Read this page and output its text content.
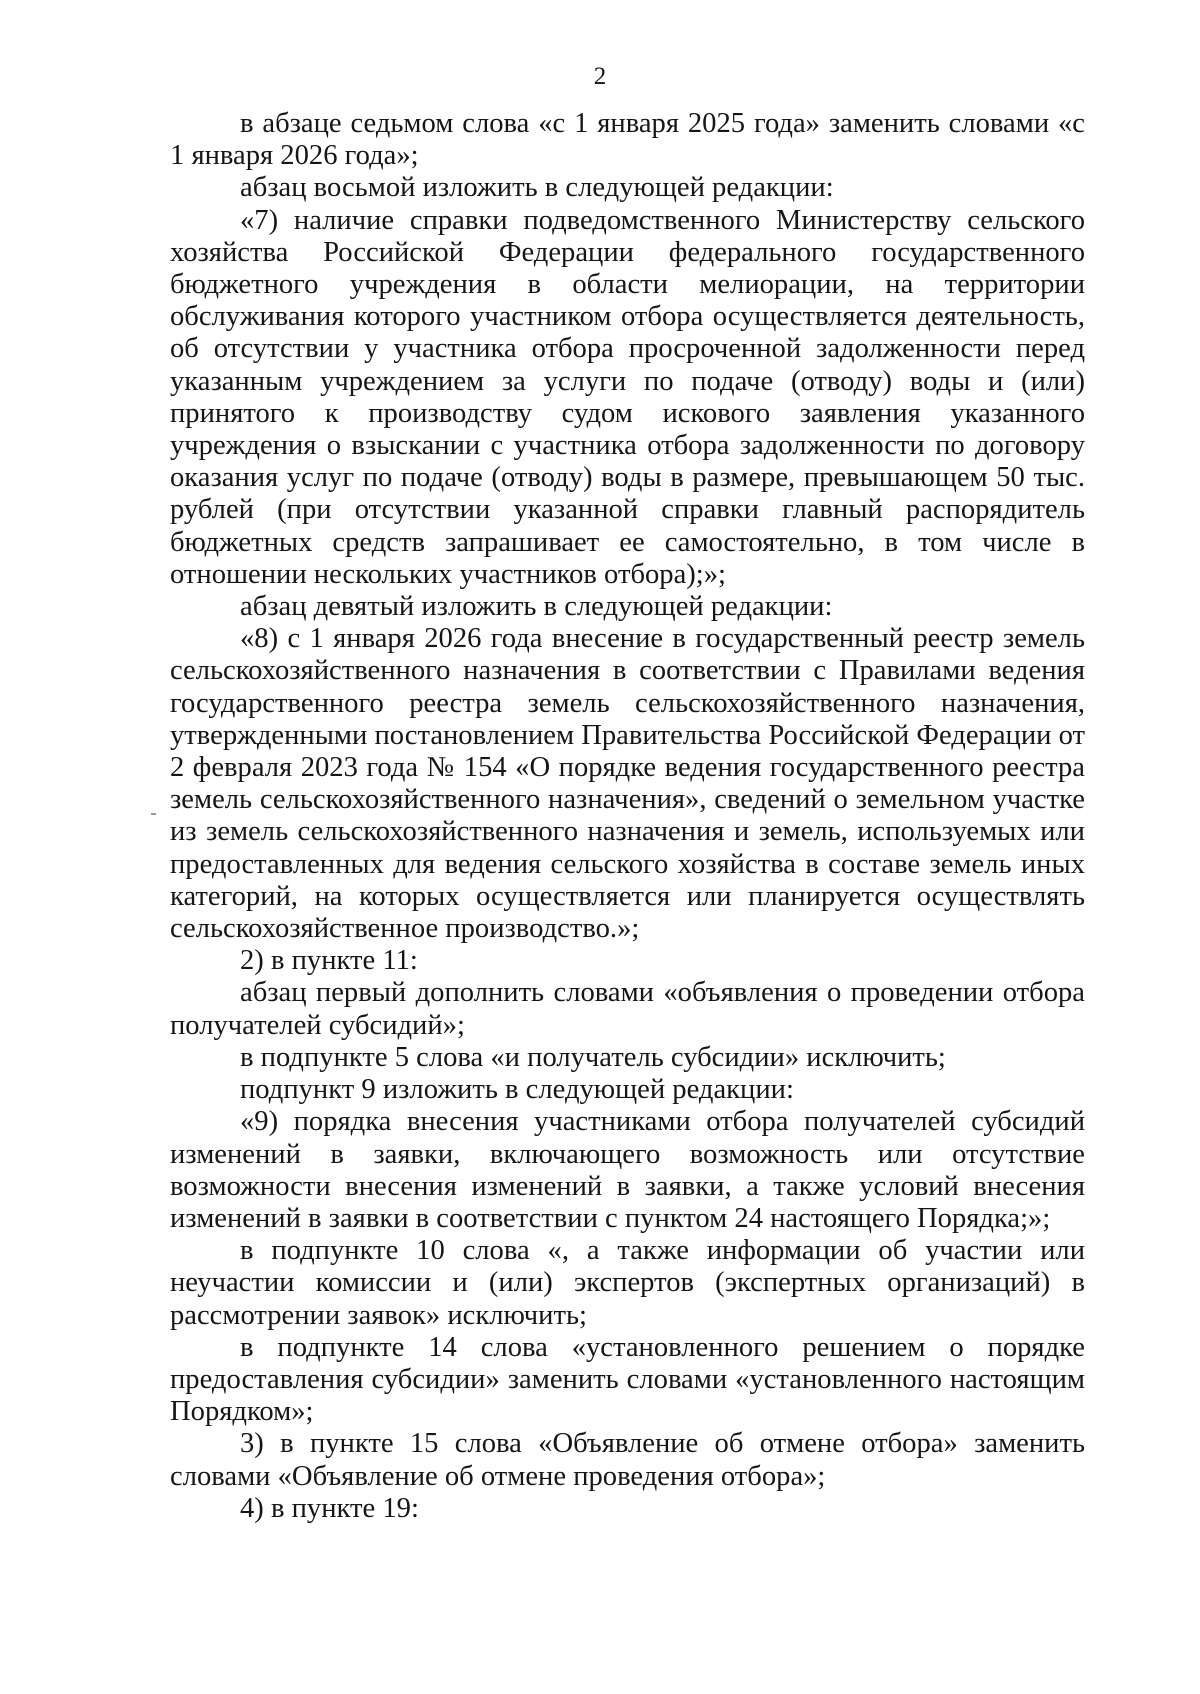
2

в абзаце седьмом слова «с 1 января 2025 года» заменить словами «с 1 января 2026 года»;

абзац восьмой изложить в следующей редакции:

«7) наличие справки подведомственного Министерству сельского хозяйства Российской Федерации федерального государственного бюджетного учреждения в области мелиорации, на территории обслуживания которого участником отбора осуществляется деятельность, об отсутствии у участника отбора просроченной задолженности перед указанным учреждением за услуги по подаче (отводу) воды и (или) принятого к производству судом искового заявления указанного учреждения о взыскании с участника отбора задолженности по договору оказания услуг по подаче (отводу) воды в размере, превышающем 50 тыс. рублей (при отсутствии указанной справки главный распорядитель бюджетных средств запрашивает ее самостоятельно, в том числе в отношении нескольких участников отбора);»;

абзац девятый изложить в следующей редакции:

«8) с 1 января 2026 года внесение в государственный реестр земель сельскохозяйственного назначения в соответствии с Правилами ведения государственного реестра земель сельскохозяйственного назначения, утвержденными постановлением Правительства Российской Федерации от 2 февраля 2023 года № 154 «О порядке ведения государственного реестра земель сельскохозяйственного назначения», сведений о земельном участке из земель сельскохозяйственного назначения и земель, используемых или предоставленных для ведения сельского хозяйства в составе земель иных категорий, на которых осуществляется или планируется осуществлять сельскохозяйственное производство.»;

2) в пункте 11:

абзац первый дополнить словами «объявления о проведении отбора получателей субсидий»;

в подпункте 5 слова «и получатель субсидии» исключить;

подпункт 9 изложить в следующей редакции:

«9) порядка внесения участниками отбора получателей субсидий изменений в заявки, включающего возможность или отсутствие возможности внесения изменений в заявки, а также условий внесения изменений в заявки в соответствии с пунктом 24 настоящего Порядка;»;

в подпункте 10 слова «, а также информации об участии или неучастии комиссии и (или) экспертов (экспертных организаций) в рассмотрении заявок» исключить;

в подпункте 14 слова «установленного решением о порядке предоставления субсидии» заменить словами «установленного настоящим Порядком»;

3) в пункте 15 слова «Объявление об отмене отбора» заменить словами «Объявление об отмене проведения отбора»;

4) в пункте 19:
